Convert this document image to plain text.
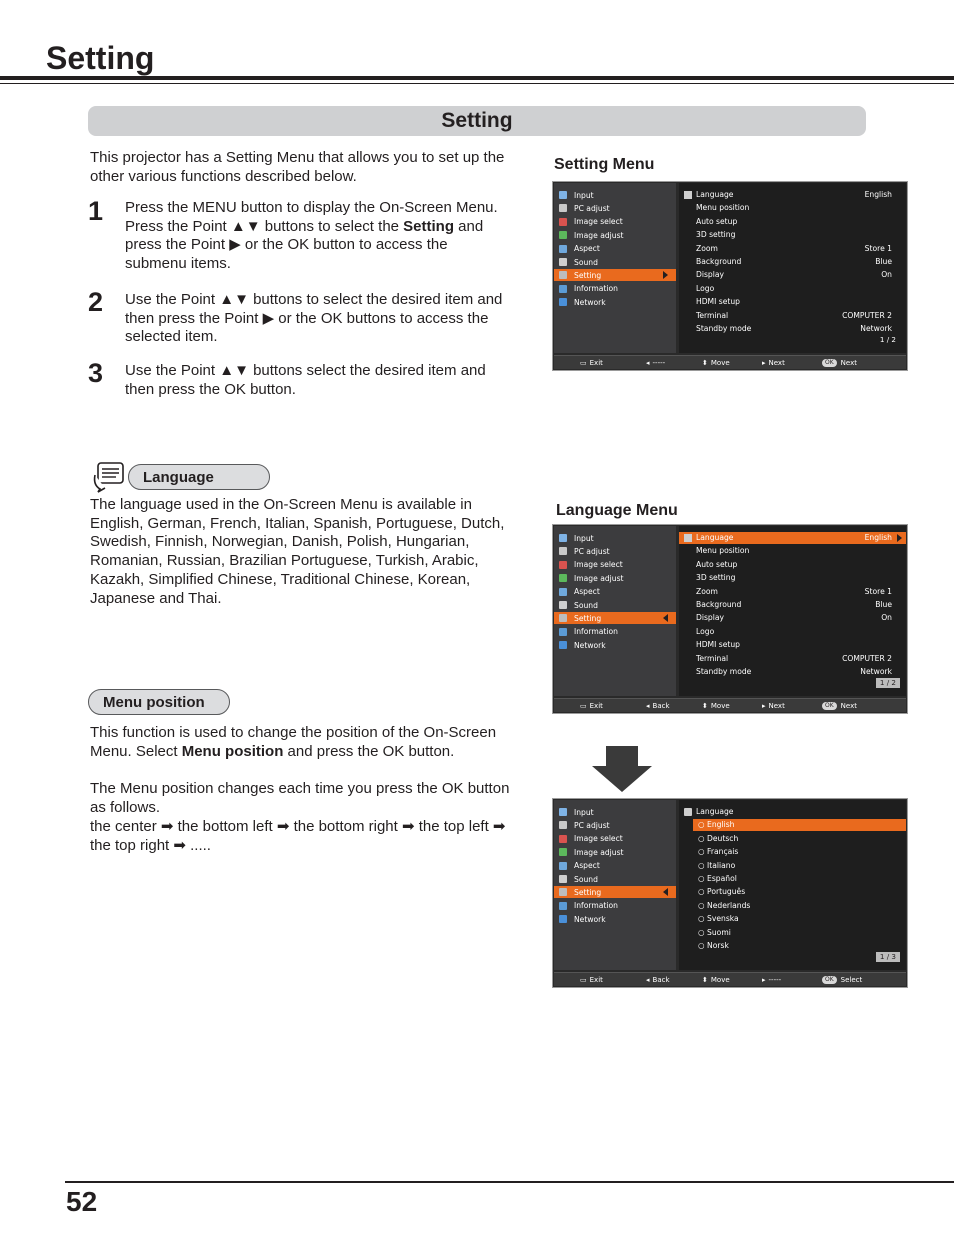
Setting
Setting
This projector has a Setting Menu that allows you to set up the other various functions described below.
1 Press the MENU button to display the On-Screen Menu. Press the Point ▲▼ buttons to select the Setting and press the Point ▶ or the OK button to access the submenu items.
2 Use the Point ▲▼ buttons to select the desired item and then press the Point ▶ or the OK buttons to access the selected item.
3 Use the Point ▲▼ buttons select the desired item and then press the OK button.
Setting Menu
Language Menu
Language
The language used in the On-Screen Menu is available in English, German, French, Italian, Spanish, Portuguese, Dutch, Swedish, Finnish, Norwegian, Danish, Polish, Hungarian, Romanian, Russian, Brazilian Portuguese, Turkish, Arabic, Kazakh, Simplified Chinese, Traditional Chinese, Korean, Japanese and Thai.
Menu position
This function is used to change the position of the On-Screen Menu. Select Menu position and press the OK button.
The Menu position changes each time you press the OK button as follows.
the center ➡ the bottom left ➡ the bottom right ➡ the top left ➡ the top right ➡ .....
Input
PC adjust
Image select
Image adjust
Aspect
Sound
Setting
Information
Network
Language	English
Menu position
Auto setup
3D setting
Zoom	Store 1
Background	Blue
Display	On
Logo
HDMI setup
Terminal	COMPUTER 2
Standby mode	Network
1 / 2
▭ Exit	◂ -----	⬍ Move	▸ Next	OK	Next
Input
PC adjust
Image select
Image adjust
Aspect
Sound
Setting
Information
Network
Language	English
Menu position
Auto setup
3D setting
Zoom	Store 1
Background	Blue
Display	On
Logo
HDMI setup
Terminal	COMPUTER 2
Standby mode	Network
1 / 2
▭ Exit	◂ Back	⬍ Move	▸ Next	OK	Next
Input
PC adjust
Image select
Image adjust
Aspect
Sound
Setting
Information
Network
Language
○ English
○ Deutsch
○ Français
○ Italiano
○ Español
○ Português
○ Nederlands
○ Svenska
○ Suomi
○ Norsk
1 / 3
▭ Exit	◂ Back	⬍ Move	▸ -----	OK	Select
52
